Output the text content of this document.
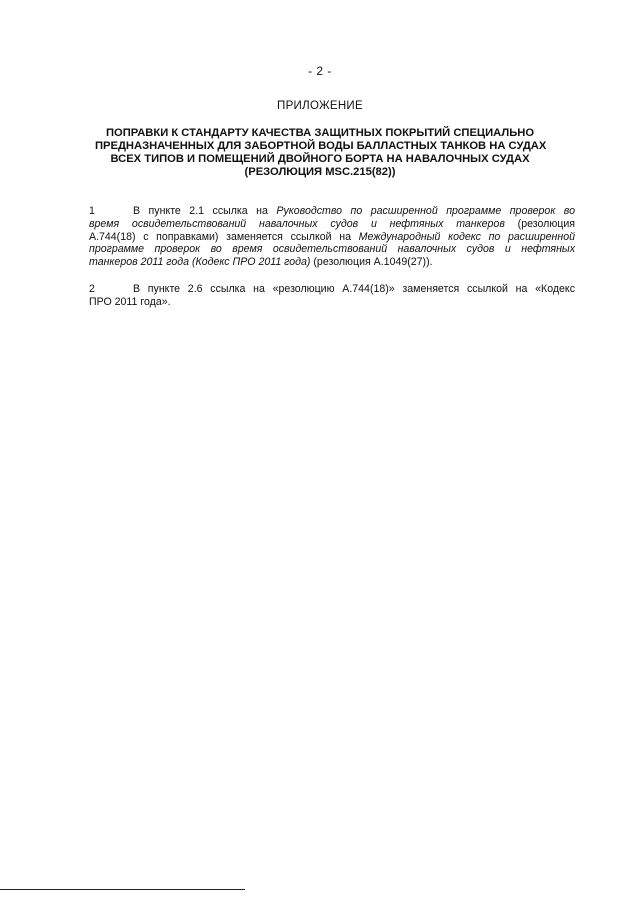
- 2 -
ПРИЛОЖЕНИЕ
ПОПРАВКИ К СТАНДАРТУ КАЧЕСТВА ЗАЩИТНЫХ ПОКРЫТИЙ СПЕЦИАЛЬНО
ПРЕДНАЗНАЧЕННЫХ ДЛЯ ЗАБОРТНОЙ ВОДЫ БАЛЛАСТНЫХ ТАНКОВ НА СУДАХ
ВСЕХ ТИПОВ И ПОМЕЩЕНИЙ ДВОЙНОГО БОРТА НА НАВАЛОЧНЫХ СУДАХ
(РЕЗОЛЮЦИЯ MSC.215(82))
1	В пункте 2.1 ссылка на Руководство по расширенной программе проверок во
время освидетельствований навалочных судов и нефтяных танкеров (резолюция
А.744(18) с поправками) заменяется ссылкой на Международный кодекс по расширенной
программе проверок во время освидетельствований навалочных судов и нефтяных
танкеров 2011 года (Кодекс ПРО 2011 года) (резолюция А.1049(27)).
2	В пункте 2.6 ссылка на «резолюцию А.744(18)» заменяется ссылкой на «Кодекс
ПРО 2011 года».
